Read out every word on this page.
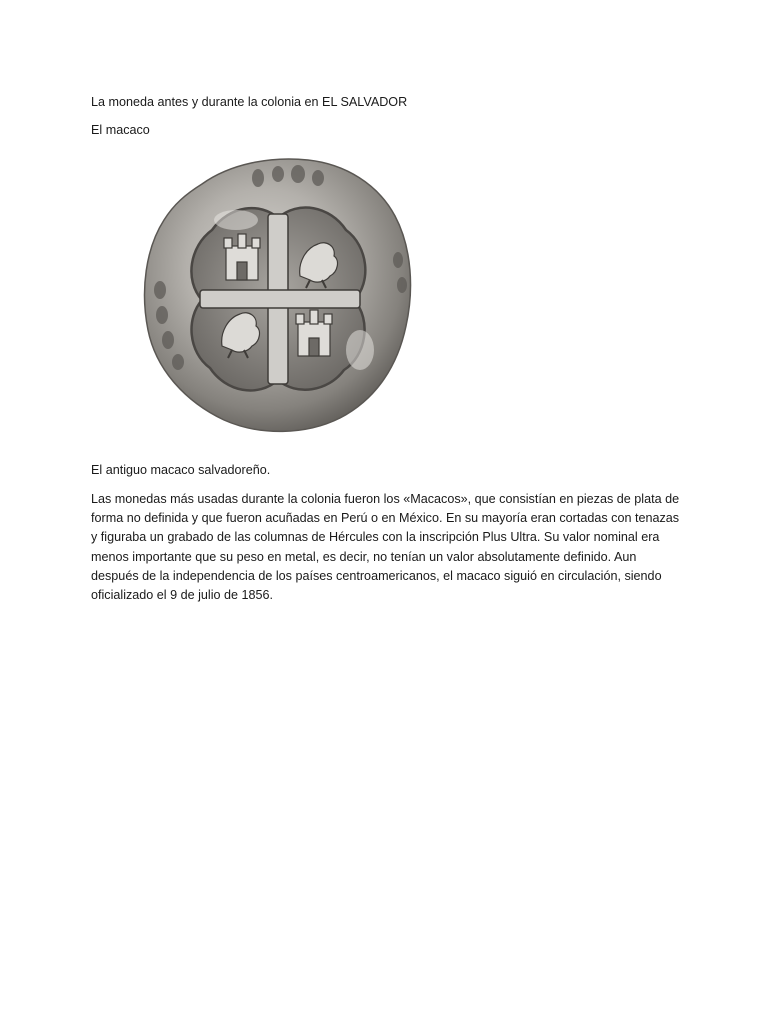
La moneda antes y durante la colonia en EL SALVADOR

El macaco

El antiguo macaco salvadoreño.

Las monedas más usadas durante la colonia fueron los «Macacos», que consistían en piezas de plata de forma no definida y que fueron acuñadas en Perú o en México. En su mayoría eran cortadas con tenazas y figuraba un grabado de las columnas de Hércules con la inscripción Plus Ultra. Su valor nominal era menos importante que su peso en metal, es decir, no tenían un valor absolutamente definido. Aun después de la independencia de los países centroamericanos, el macaco siguió en circulación, siendo oficializado el 9 de julio de 1856.
